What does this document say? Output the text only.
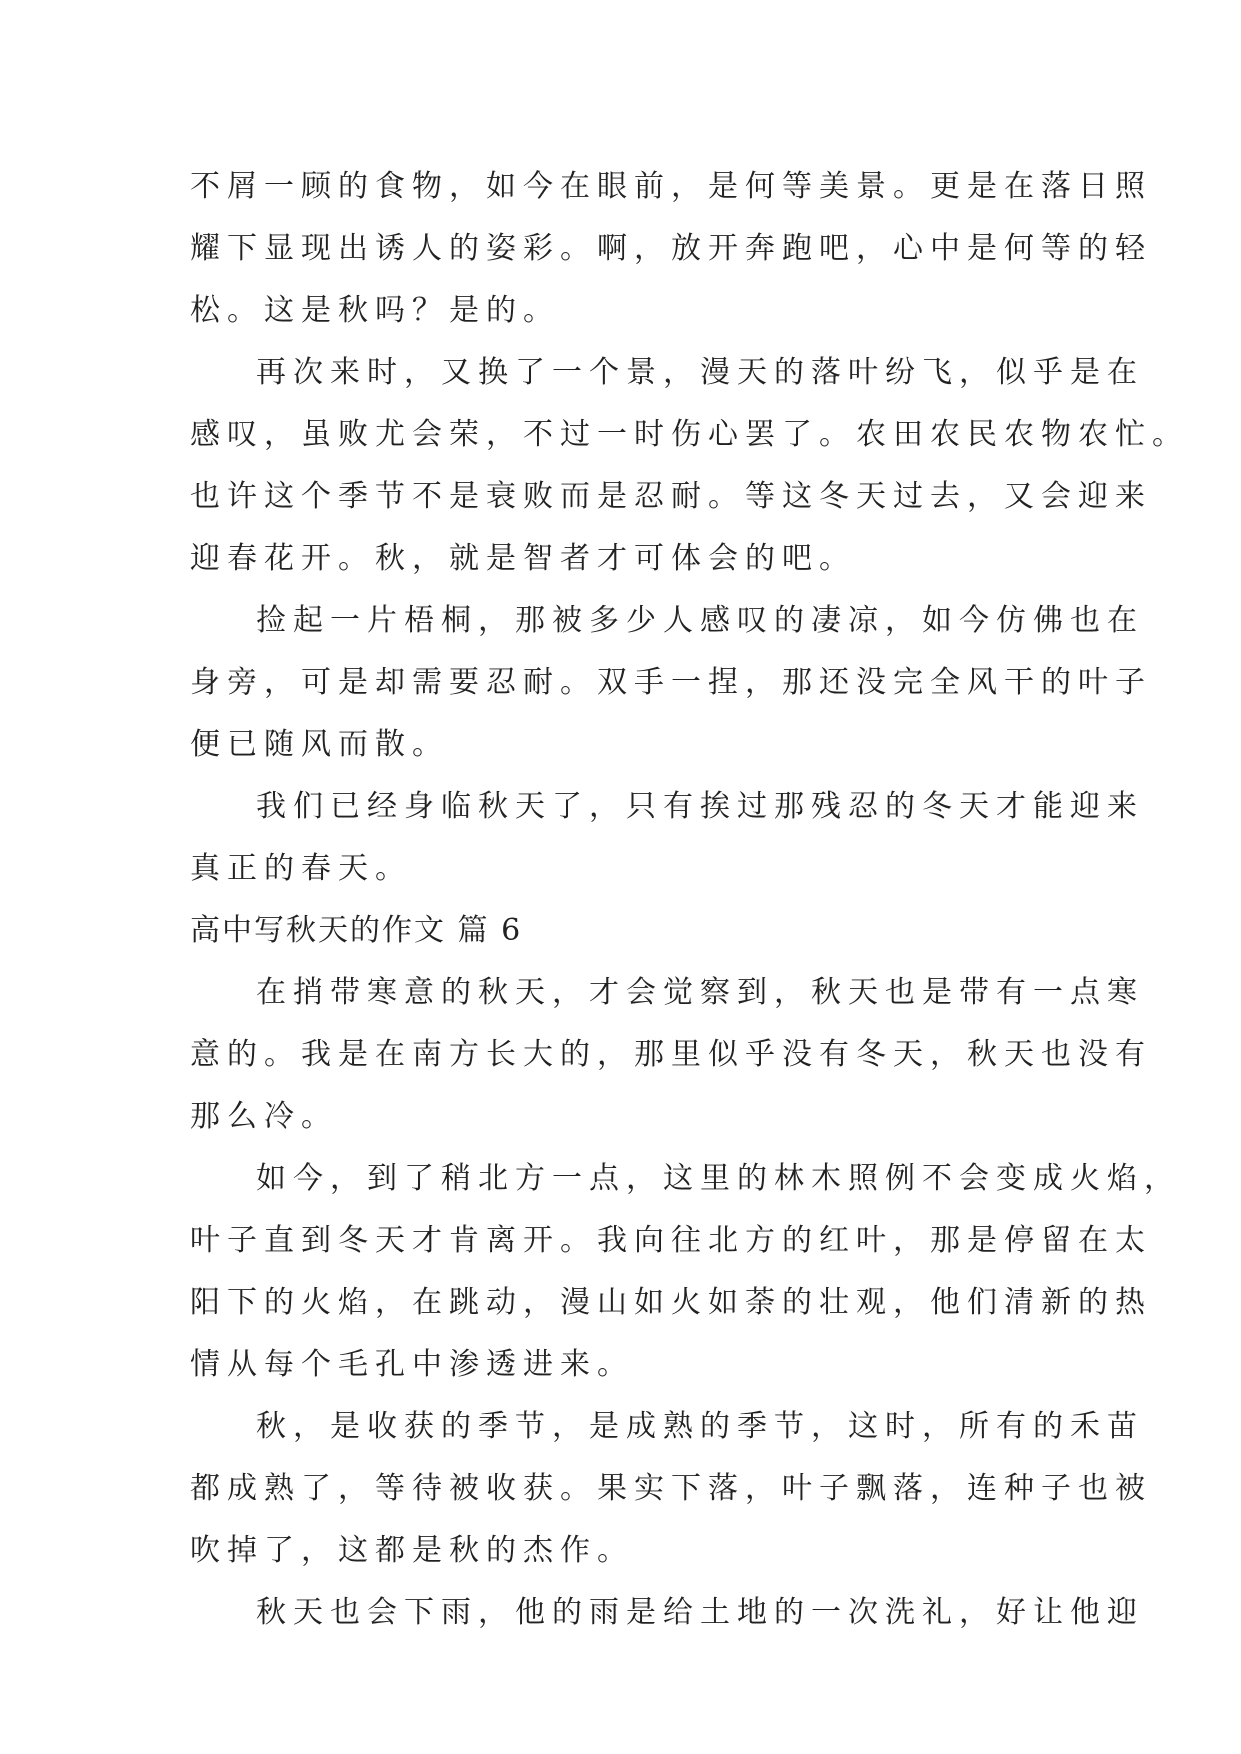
不屑一顾的食物，如今在眼前，是何等美景。更是在落日照
耀下显现出诱人的姿彩。啊，放开奔跑吧，心中是何等的轻
松。这是秋吗？是的。
再次来时，又换了一个景，漫天的落叶纷飞，似乎是在
感叹，虽败尤会荣，不过一时伤心罢了。农田农民农物农忙。
也许这个季节不是衰败而是忍耐。等这冬天过去，又会迎来
迎春花开。秋，就是智者才可体会的吧。
捡起一片梧桐，那被多少人感叹的凄凉，如今仿佛也在
身旁，可是却需要忍耐。双手一捏，那还没完全风干的叶子
便已随风而散。
我们已经身临秋天了，只有挨过那残忍的冬天才能迎来
真正的春天。
高中写秋天的作文 篇 6
在捎带寒意的秋天，才会觉察到，秋天也是带有一点寒
意的。我是在南方长大的，那里似乎没有冬天，秋天也没有
那么冷。
如今，到了稍北方一点，这里的林木照例不会变成火焰，
叶子直到冬天才肯离开。我向往北方的红叶，那是停留在太
阳下的火焰，在跳动，漫山如火如荼的壮观，他们清新的热
情从每个毛孔中渗透进来。
秋，是收获的季节，是成熟的季节，这时，所有的禾苗
都成熟了，等待被收获。果实下落，叶子飘落，连种子也被
吹掉了，这都是秋的杰作。
秋天也会下雨，他的雨是给土地的一次洗礼，好让他迎
